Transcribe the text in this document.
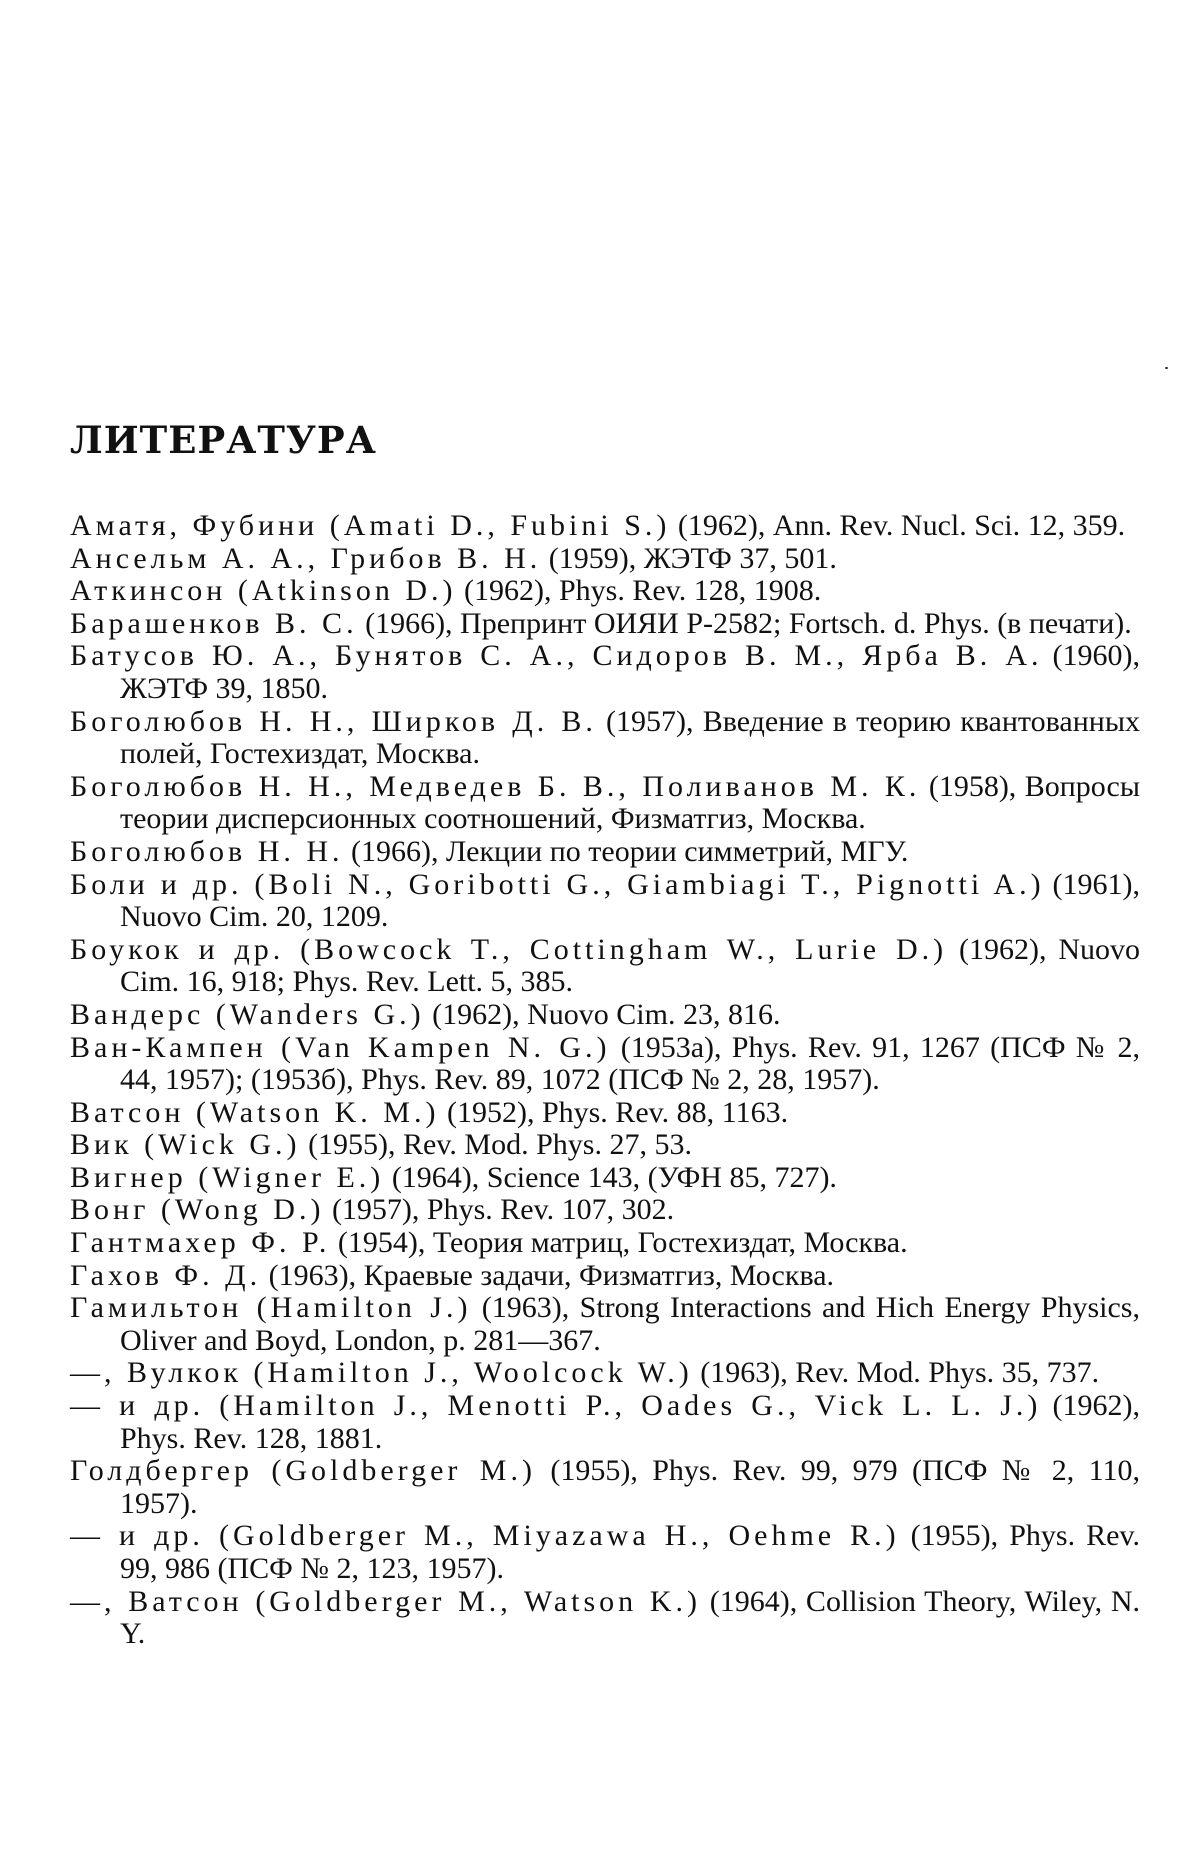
ЛИТЕРАТУРА
Аматя, Фубини (Amati D., Fubini S.) (1962), Ann. Rev. Nucl. Sci. 12, 359.
Ансельм А. А., Грибов В. Н. (1959), ЖЭТФ 37, 501.
Аткинсон (Atkinson D.) (1962), Phys. Rev. 128, 1908.
Барашенков В. С. (1966), Препринт ОИЯИ Р-2582; Fortsch. d. Phys. (в печати).
Батусов Ю. А., Бунятов С. А., Сидоров В. М., Ярба В. А. (1960), ЖЭТФ 39, 1850.
Боголюбов Н. Н., Ширков Д. В. (1957), Введение в теорию квантованных полей, Гостехиздат, Москва.
Боголюбов Н. Н., Медведев Б. В., Поливанов М. К. (1958), Вопросы теории дисперсионных соотношений, Физматгиз, Москва.
Боголюбов Н. Н. (1966), Лекции по теории симметрий, МГУ.
Боли и др. (Boli N., Goribotti G., Giambiagi T., Pignotti A.) (1961), Nuovo Cim. 20, 1209.
Боукок и др. (Bowcock T., Cottingham W., Lurie D.) (1962), Nuovo Cim. 16, 918; Phys. Rev. Lett. 5, 385.
Вандерс (Wanders G.) (1962), Nuovo Cim. 23, 816.
Ван-Кампен (Van Kampen N. G.) (1953a), Phys. Rev. 91, 1267 (ПСФ № 2, 44, 1957); (1953б), Phys. Rev. 89, 1072 (ПСФ № 2, 28, 1957).
Ватсон (Watson K. M.) (1952), Phys. Rev. 88, 1163.
Вик (Wick G.) (1955), Rev. Mod. Phys. 27, 53.
Вигнер (Wigner E.) (1964), Science 143, (УФН 85, 727).
Вонг (Wong D.) (1957), Phys. Rev. 107, 302.
Гантмахер Ф. Р. (1954), Теория матриц, Гостехиздат, Москва.
Гахов Ф. Д. (1963), Краевые задачи, Физматгиз, Москва.
Гамильтон (Hamilton J.) (1963), Strong Interactions and Hich Energy Physics, Oliver and Boyd, London, p. 281—367.
—, Вулкок (Hamilton J., Woolcock W.) (1963), Rev. Mod. Phys. 35, 737.
— и др. (Hamilton J., Menotti P., Oades G., Vick L. L. J.) (1962), Phys. Rev. 128, 1881.
Голдбергер (Goldberger M.) (1955), Phys. Rev. 99, 979 (ПСФ № 2, 110, 1957).
— и др. (Goldberger M., Miyazawa H., Oehme R.) (1955), Phys. Rev. 99, 986 (ПСФ № 2, 123, 1957).
—, Ватсон (Goldberger M., Watson K.) (1964), Collision Theory, Wiley, N. Y.
